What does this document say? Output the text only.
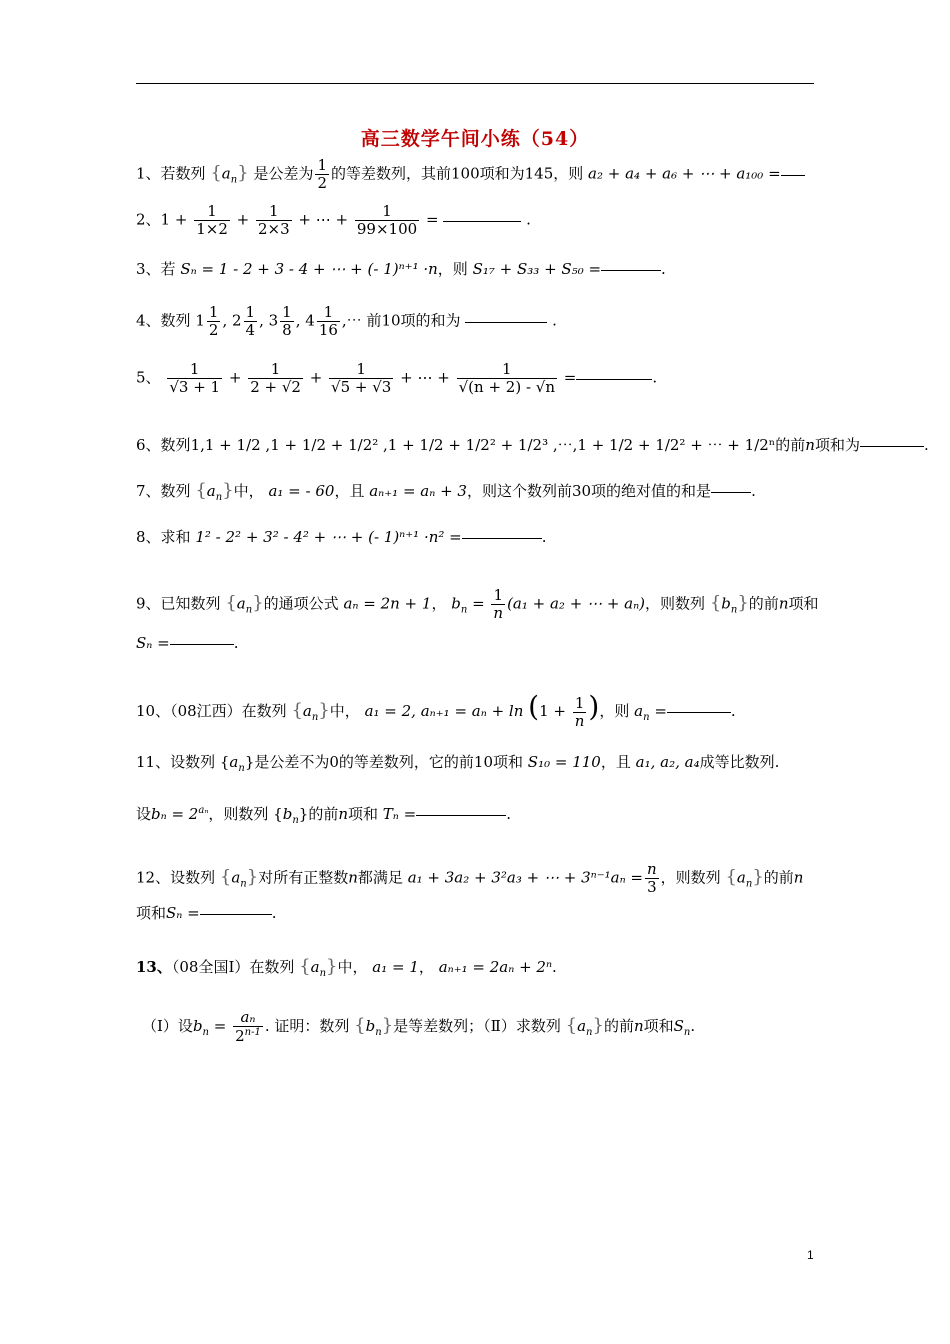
高三数学午间小练（54）
1、若数列 $\{a_n\}$ 是公差为 $\frac{1}{2}$ 的等差数列，其前100项和为145，则 a₂ + a₄ + a₆ + ⋯ + a₁₀₀ =
2、$1 + \frac{1}{1\times 2} + \frac{1}{2\times 3}$ + ⋯ + $\frac{1}{99\times 100}$ =	.
3、若 Sₙ = 1 - 2 + 3 - 4 + ⋯ + (- 1)ⁿ⁺¹ ·n，则 S₁₇ + S₃₃ + S₅₀ =	.
4、数列 $1 \frac{1}{2}$ , $2 \frac{1}{4}$ , $3 \frac{1}{8}$ , $4 \frac{1}{16}$ ,⋯ 前10项的和为	.
5、 $\frac{1}{√3 + 1} + \frac{1}{2 + √2} + \frac{1}{√5 + √3}$ + ⋯ + $\frac{1}{√(n + 2) - √n}$ =	.
6、数列1,1 + 1/2 ,1 + 1/2 + 1/2² ,1 + 1/2 + 1/2² + 1/2³ ,⋯,1 + 1/2 + 1/2² + ⋯ + 1/2ⁿ的前n项和为	.
7、数列 $\{a_n\}$中， a₁ = - 60，且 aₙ₊₁ = aₙ + 3，则这个数列前30项的绝对值的和是	.
8、求和 1² - 2² + 3² - 4² + ⋯ + (- 1)ⁿ⁺¹ ·n² =	.
9、已知数列 $\{a_n\}$的通项公式 aₙ = 2n + 1， $b_n = \frac{1}{n} (a_1 + a_2$ + ⋯ + aₙ)，则数列 $\{b_n\}$的前n项和
Sₙ =	.
10、（08江西）在数列 $\{a_n\}$中， a₁ = 2, $a_{n+1} = a_n + \ln (1 + \frac{1}{n}$ )，则 $a_n$ =	.
11、设数列 $\{a_n\}$是公差不为0的等差数列，它的前10项和 S₁₀ = 110，且 a₁, a₂, a₄成等比数列.
设$b_n = 2^{a_n}$，则数列 $\{b_n\}$的前n项和 Tₙ =	.
12、设数列 $\{a_n\}$对所有正整数n都满足 a₁ + 3a₂ + 3²a₃ + ⋯ + $3^{n-1}a_n = \frac{n}{3}$ ，则数列 $\{a_n\}$的前n
项和Sₙ =	.
13、（08全国Ⅰ）在数列 $\{a_n\}$中， a₁ = 1， aₙ₊₁ = 2aₙ + 2ⁿ.
（Ⅰ）设$b_n = \frac{\text{aₙ}}{2^{n-1}}$ . 证明：数列 $\{b_n\}$是等差数列；（Ⅱ）求数列 $\{a_n\}$的前n项和$S_n$.
1
